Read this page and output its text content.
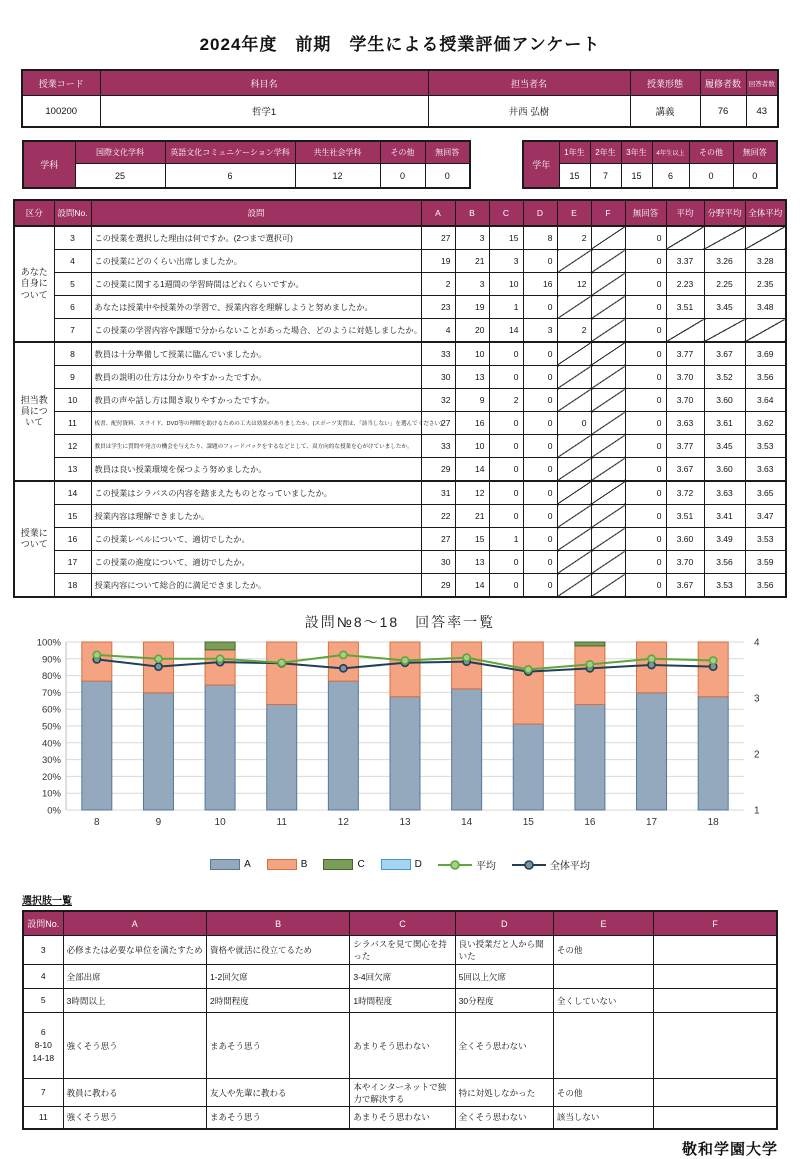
2024年度　前期　学生による授業評価アンケート
授業コード	科目名	担当者名	授業形態	履修者数	回答者数
100200	哲学1	井西 弘樹	講義	76	43
学科	国際文化学科	英語文化コミュニケーション学科	共生社会学科	その他	無回答
	25	6	12	0	0
学年	1年生	2年生	3年生	4年生以上	その他	無回答
	15	7	15	6	0	0
区分	設問No.	設問	A	B	C	D	E	F	無回答	平均	分野平均	全体平均
あなた
自身に
ついて	3	この授業を選択した理由は何ですか。(2つまで選択可)	27	3	15	8	2		0			
	4	この授業にどのくらい出席しましたか。	19	21	3	0			0	3.37	3.26	3.28
	5	この授業に関する1週間の学習時間はどれくらいですか。	2	3	10	16	12		0	2.23	2.25	2.35
	6	あなたは授業中や授業外の学習で、授業内容を理解しようと努めましたか。	23	19	1	0			0	3.51	3.45	3.48
	7	この授業の学習内容や課題で分からないことがあった場合、どのように対処しましたか。	4	20	14	3	2		0			
担当教
員につ
いて	8	教員は十分準備して授業に臨んでいましたか。	33	10	0	0			0	3.77	3.67	3.69
	9	教員の説明の仕方は分かりやすかったですか。	30	13	0	0			0	3.70	3.52	3.56
	10	教員の声や話し方は聞き取りやすかったですか。	32	9	2	0			0	3.70	3.60	3.64
	11	板書、配付資料、スライド、DVD等の理解を助けるための工夫は効果がありましたか。(スポーツ実習は、「該当しない」を選んでください)	27	16	0	0	0		0	3.63	3.61	3.62
	12	教員は学生に質問や発言の機会を与えたり、課題のフィードバックをするなどとして、双方向的な授業を心がけていましたか。	33	10	0	0			0	3.77	3.45	3.53
	13	教員は良い授業環境を保つよう努めましたか。	29	14	0	0			0	3.67	3.60	3.63
授業に
ついて	14	この授業はシラバスの内容を踏まえたものとなっていましたか。	31	12	0	0			0	3.72	3.63	3.65
	15	授業内容は理解できましたか。	22	21	0	0			0	3.51	3.41	3.47
	16	この授業レベルについて、適切でしたか。	27	15	1	0			0	3.60	3.49	3.53
	17	この授業の進度について、適切でしたか。	30	13	0	0			0	3.70	3.56	3.59
	18	授業内容について総合的に満足できましたか。	29	14	0	0			0	3.67	3.53	3.56
設問№8～18　回答率一覧
0%
10%
20%
30%
40%
50%
60%
70%
80%
90%
100%	4
3
2
1
8	9	10	11	12	13	14	15	16	17	18
A	B	C	D	平均	全体平均
選択肢一覧
設問No.	A	B	C	D	E	F
3	必修または必要な単位を満たすため	資格や就活に役立てるため	シラバスを見て関心を持った	良い授業だと人から聞いた	その他	
4	全部出席	1-2回欠席	3-4回欠席	5回以上欠席		
5	3時間以上	2時間程度	1時間程度	30分程度	全くしていない	
6
8-10
14-18	強くそう思う	まあそう思う	あまりそう思わない	全くそう思わない		
7	教員に教わる	友人や先輩に教わる	本やインターネットで独力で解決する	特に対処しなかった	その他	
11	強くそう思う	まあそう思う	あまりそう思わない	全くそう思わない	該当しない	
敬和学園大学
